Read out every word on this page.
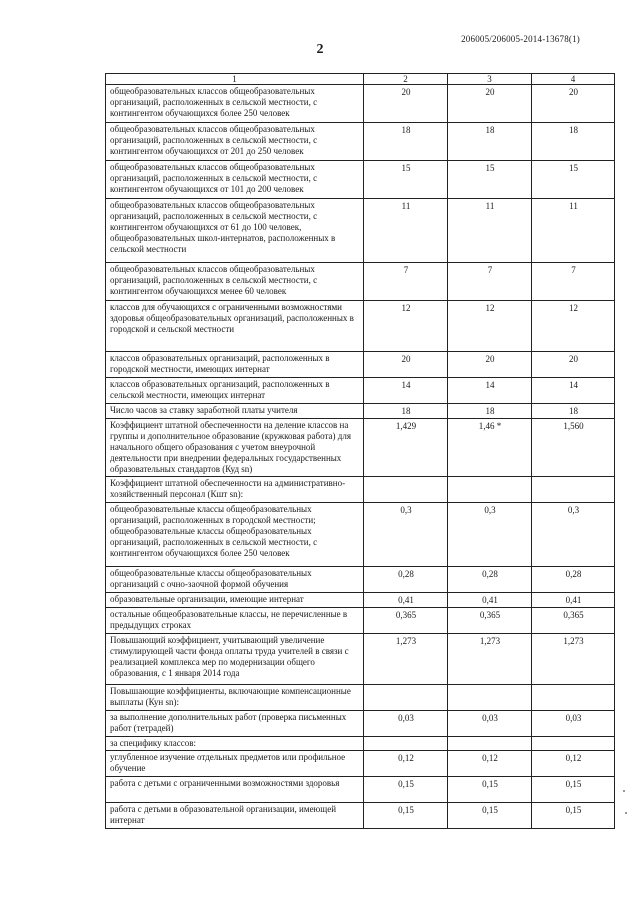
206005/206005-2014-13678(1)
2
1	2	3	4
общеобразовательных классов общеобразовательных организаций, расположенных в сельской местности, с контингентом обучающихся более 250 человек	20	20	20
общеобразовательных классов общеобразовательных организаций, расположенных в сельской местности, с контингентом обучающихся от 201 до 250 человек	18	18	18
общеобразовательных классов общеобразовательных организаций, расположенных в сельской местности, с контингентом обучающихся от 101 до 200 человек	15	15	15
общеобразовательных классов общеобразовательных организаций, расположенных в сельской местности, с контингентом обучающихся от 61 до 100 человек, общеобразовательных школ-интернатов, расположенных в сельской местности	11	11	11
общеобразовательных классов общеобразовательных организаций, расположенных в сельской местности, с контингентом обучающихся менее 60 человек	7	7	7
классов для обучающихся с ограниченными возможностями здоровья общеобразовательных организаций, расположенных в городской и сельской местности	12	12	12
классов образовательных организаций, расположенных в городской местности, имеющих интернат	20	20	20
классов образовательных организаций, расположенных в сельской местности, имеющих интернат	14	14	14
Число часов за ставку заработной платы учителя	18	18	18
Коэффициент штатной обеспеченности на деление классов на группы и дополнительное образование (кружковая работа) для начального общего образования с учетом внеурочной деятельности при внедрении федеральных государственных образовательных стандартов (Куд sn)	1,429	1,46 *	1,560
Коэффициент штатной обеспеченности на административно-хозяйственный персонал (Кшт sn):			
общеобразовательные классы общеобразовательных организаций, расположенных в городской местности; общеобразовательные классы общеобразовательных организаций, расположенных в сельской местности, с контингентом обучающихся более 250 человек	0,3	0,3	0,3
общеобразовательные классы общеобразовательных организаций с очно-заочной формой обучения	0,28	0,28	0,28
образовательные организации, имеющие интернат	0,41	0,41	0,41
остальные общеобразовательные классы, не перечисленные в предыдущих строках	0,365	0,365	0,365
Повышающий коэффициент, учитывающий увеличение стимулирующей части фонда оплаты труда учителей в связи с реализацией комплекса мер по модернизации общего образования, с 1 января 2014 года	1,273	1,273	1,273
Повышающие коэффициенты, включающие компенсационные выплаты (Кун sn):			
за выполнение дополнительных работ (проверка письменных работ (тетрадей)	0,03	0,03	0,03
за специфику классов:			
углубленное изучение отдельных предметов или профильное обучение	0,12	0,12	0,12
работа с детьми с ограниченными возможностями здоровья	0,15	0,15	0,15
работа с детьми в образовательной организации, имеющей интернат	0,15	0,15	0,15
